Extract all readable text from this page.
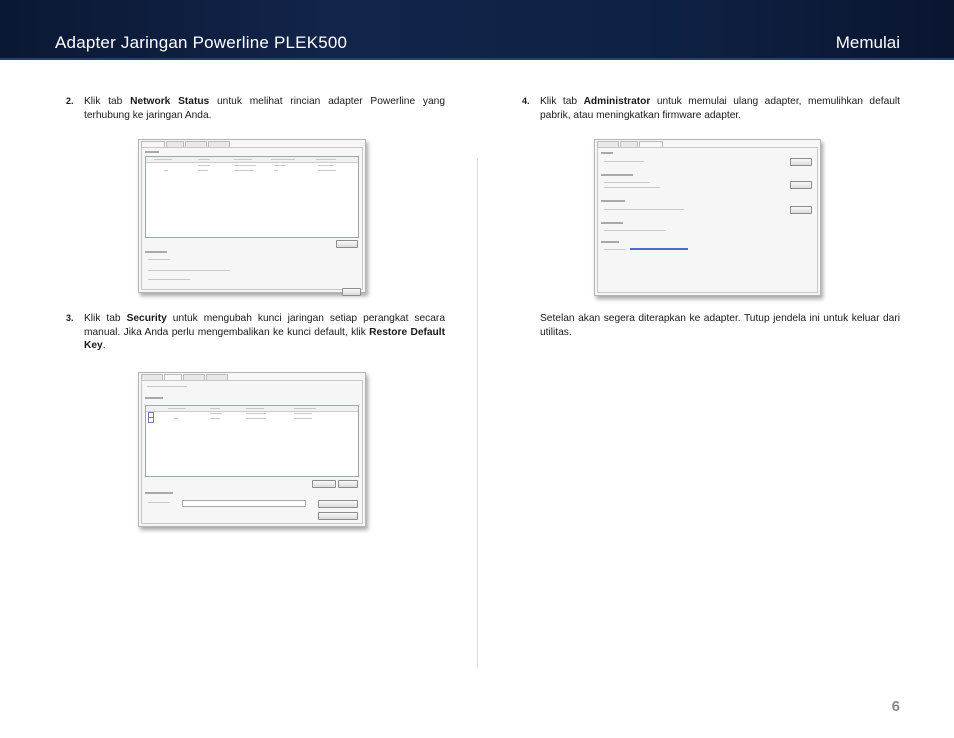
Adapter Jaringan Powerline PLEK500	Memulai
2. Klik tab Network Status untuk melihat rincian adapter Powerline yang terhubung ke jaringan Anda.
3. Klik tab Security untuk mengubah kunci jaringan setiap perangkat secara manual. Jika Anda perlu mengembalikan ke kunci default, klik Restore Default Key.
4. Klik tab Administrator untuk memulai ulang adapter, memulihkan default pabrik, atau meningkatkan firmware adapter.
Setelan akan segera diterapkan ke adapter. Tutup jendela ini untuk keluar dari utilitas.
6
